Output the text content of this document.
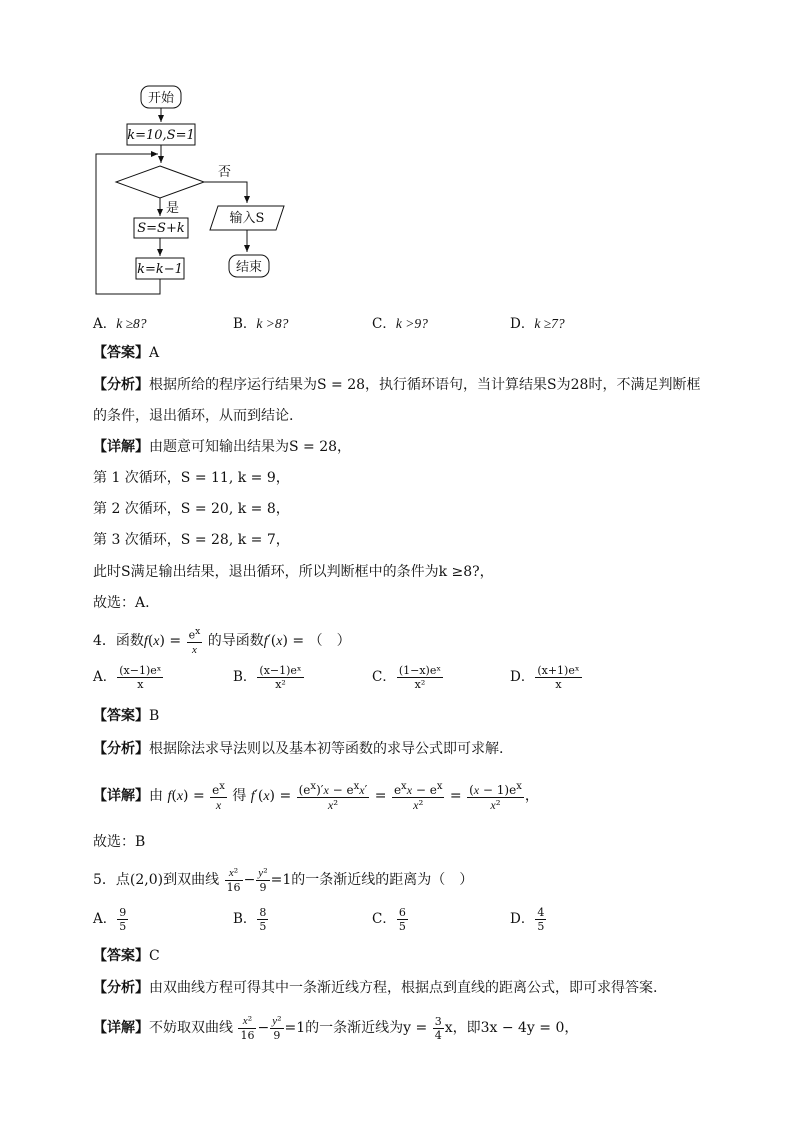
开始
k=10,S=1
否
是
S=S+k
k=k−1
输入S
结束
A．k ≥8?	B．k >8?	C．k >9?	D．k ≥7?
【答案】A
【分析】根据所给的程序运行结果为S = 28，执行循环语句，当计算结果S为28时，不满足判断框
的条件，退出循环，从而到结论.
【详解】由题意可知输出结果为S = 28，
第 1 次循环，S = 11, k = 9，
第 2 次循环，S = 20, k = 8，
第 3 次循环，S = 28, k = 7，
此时S满足输出结果，退出循环，所以判断框中的条件为k ≥8?，
故选：A.
4．函数$f(x) = \frac{e^x}{x}$ 的导函数f′(x) = （　）
A． $\frac{\text{(x−1)eˣ}}{x}$	B． $\frac{\text{(x−1)eˣ}}{\text{x²}}$	C． $\frac{\text{(1−x)eˣ}}{\text{x²}}$	D． $\frac{\text{(x+1)eˣ}}{x}$
【答案】B
【分析】根据除法求导法则以及基本初等函数的求导公式即可求解.
【详解】由 $f(x) = \frac{e^x}{x}$ 得 $f'(x) = \frac{(e^x)'x - e^xx'}{\text{x²}} = \frac{e^xx - e^x}{\text{x²}} = \frac{(x - 1)e^x}{\text{x²}}$ ，
故选：B
5．点(2,0)到双曲线 $\frac{\text{x²}}{16} - \frac{\text{y²}}{9} =1$的一条渐近线的距离为（　）
A． $\frac{9}{5}$	B． $\frac{8}{5}$	C． $\frac{6}{5}$	D． $\frac{4}{5}$
【答案】C
【分析】由双曲线方程可得其中一条渐近线方程，根据点到直线的距离公式，即可求得答案.
【详解】不妨取双曲线 $\frac{\text{x²}}{16} - \frac{\text{y²}}{9} =1$的一条渐近线为$y = \frac{3}{4}$ x，即3x − 4y = 0，
